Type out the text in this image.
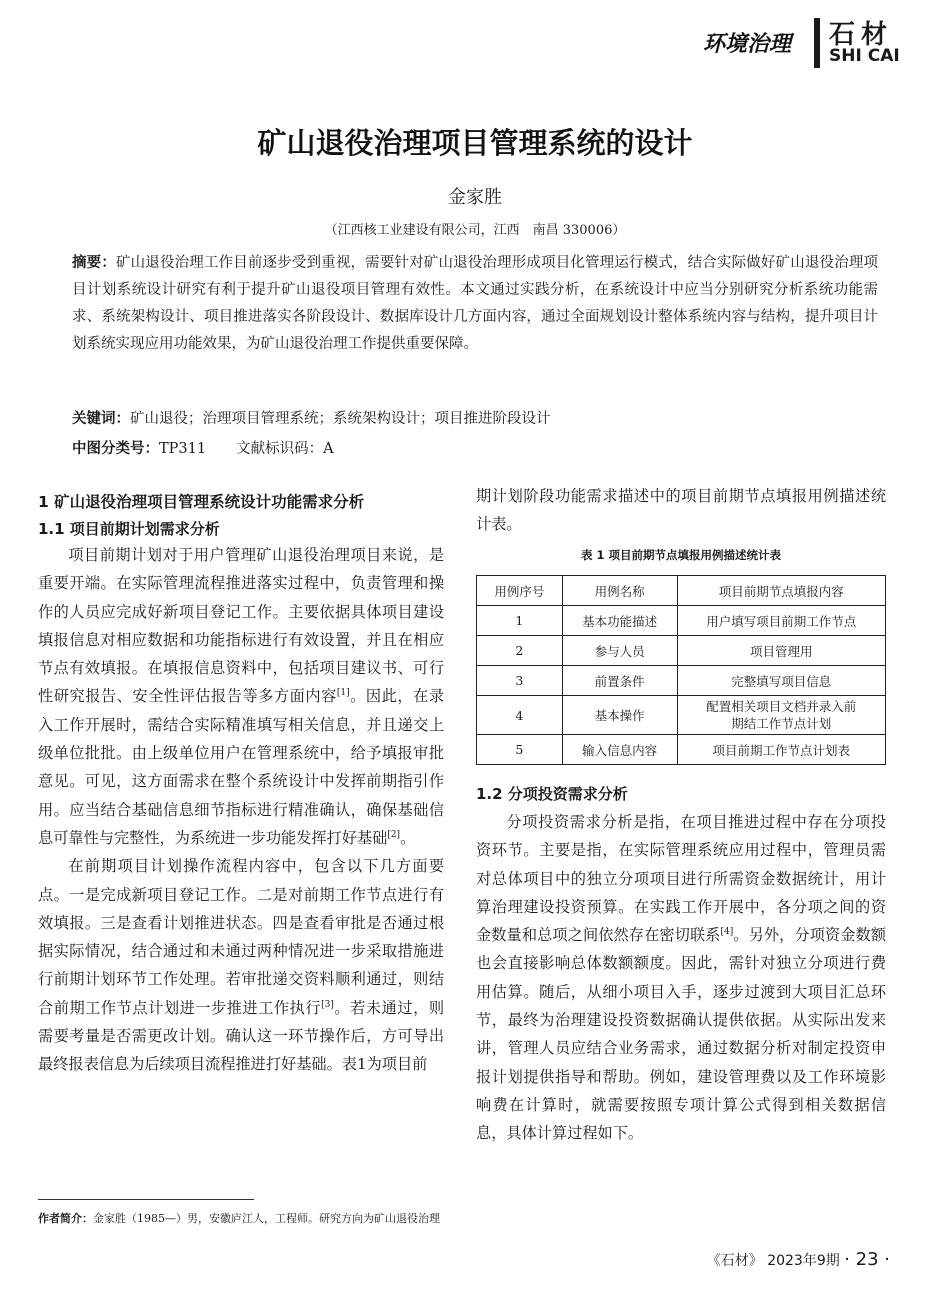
环境治理 石材
SHI CAI
矿山退役治理项目管理系统的设计
金家胜
（江西核工业建设有限公司，江西　南昌 330006）
摘要：矿山退役治理工作目前逐步受到重视，需要针对矿山退役治理形成项目化管理运行模式，结合实际做好矿山退役治理项目计划系统设计研究有利于提升矿山退役项目管理有效性。本文通过实践分析，在系统设计中应当分别研究分析系统功能需求、系统架构设计、项目推进落实各阶段设计、数据库设计几方面内容，通过全面规划设计整体系统内容与结构，提升项目计划系统实现应用功能效果，为矿山退役治理工作提供重要保障。
关键词：矿山退役；治理项目管理系统；系统架构设计；项目推进阶段设计
中图分类号：TP311 文献标识码：A
1 矿山退役治理项目管理系统设计功能需求分析
1.1 项目前期计划需求分析

项目前期计划对于用户管理矿山退役治理项目来说，是重要开端。在实际管理流程推进落实过程中，负责管理和操作的人员应完成好新项目登记工作。主要依据具体项目建设填报信息对相应数据和功能指标进行有效设置，并且在相应节点有效填报。在填报信息资料中，包括项目建议书、可行性研究报告、安全性评估报告等多方面内容[1]。因此，在录入工作开展时，需结合实际精准填写相关信息，并且递交上级单位批批。由上级单位用户在管理系统中，给予填报审批意见。可见，这方面需求在整个系统设计中发挥前期指引作用。应当结合基础信息细节指标进行精准确认，确保基础信息可靠性与完整性，为系统进一步功能发挥打好基础[2]。

在前期项目计划操作流程内容中，包含以下几方面要点。一是完成新项目登记工作。二是对前期工作节点进行有效填报。三是查看计划推进状态。四是查看审批是否通过根据实际情况，结合通过和未通过两种情况进一步采取措施进行前期计划环节工作处理。若审批递交资料顺利通过，则结合前期工作节点计划进一步推进工作执行[3]。若未通过，则需要考量是否需更改计划。确认这一环节操作后，方可导出最终报表信息为后续项目流程推进打好基础。表1为项目前

期计划阶段功能需求描述中的项目前期节点填报用例描述统计表。

表 1 项目前期节点填报用例描述统计表
用例序号	用例名称	项目前期节点填报内容
1	基本功能描述	用户填写项目前期工作节点
2	参与人员	项目管理用
3	前置条件	完整填写项目信息
4	基本操作	配置相关项目文档并录入前
期结工作节点计划
5	输入信息内容	项目前期工作节点计划表
1.2 分项投资需求分析

分项投资需求分析是指，在项目推进过程中存在分项投资环节。主要是指，在实际管理系统应用过程中，管理员需对总体项目中的独立分项项目进行所需资金数据统计，用计算治理建设投资预算。在实践工作开展中，各分项之间的资金数量和总项之间依然存在密切联系[4]。另外，分项资金数额也会直接影响总体数额额度。因此，需针对独立分项进行费用估算。随后，从细小项目入手，逐步过渡到大项目汇总环节，最终为治理建设投资数据确认提供依据。从实际出发来讲，管理人员应结合业务需求，通过数据分析对制定投资申报计划提供指导和帮助。例如，建设管理费以及工作环境影响费在计算时，就需要按照专项计算公式得到相关数据信息，具体计算过程如下。

作者简介：金家胜（1985—）男，安徽庐江人，工程师。研究方向为矿山退役治理
《石材》 2023年9期 · 23 ·
